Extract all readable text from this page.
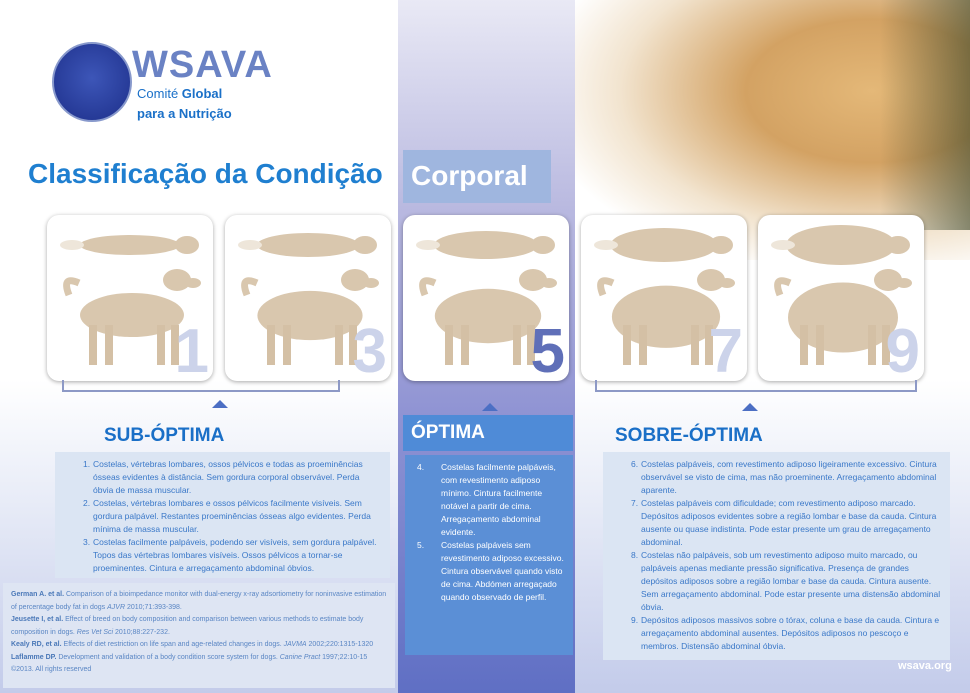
WSAVA
Comité Global
para a Nutrição
Classificação da Condição Corporal
1 3 5 7 9
SUB-ÓPTIMA	ÓPTIMA	SOBRE-ÓPTIMA
1. Costelas, vértebras lombares, ossos pélvicos e todas as proeminências ósseas evidentes à distância. Sem gordura corporal observável. Perda óbvia de massa muscular.
2. Costelas, vértebras lombares e ossos pélvicos facilmente visíveis. Sem gordura palpável. Restantes proeminências ósseas algo evidentes. Perda mínima de massa muscular.
3. Costelas facilmente palpáveis, podendo ser visíveis, sem gordura palpável. Topos das vértebras lombares visíveis. Ossos pélvicos a tornar-se proeminentes. Cintura e arregaçamento abdominal óbvios.
4.	Costelas facilmente palpáveis, com revestimento adiposo mínimo. Cintura facilmente notável a partir de cima. Arregaçamento abdominal evidente.
5.	Costelas palpáveis sem revestimento adiposo excessivo. Cintura observável quando visto de cima. Abdómen arregaçado quando observado de perfil.
6. Costelas palpáveis, com revestimento adiposo ligeiramente excessivo. Cintura observável se visto de cima, mas não proeminente. Arregaçamento abdominal aparente.
7. Costelas palpáveis com dificuldade; com revestimento adiposo marcado. Depósitos adiposos evidentes sobre a região lombar e base da cauda. Cintura ausente ou quase indistinta. Pode estar presente um grau de arregaçamento abdominal.
8. Costelas não palpáveis, sob um revestimento adiposo muito marcado, ou palpáveis apenas mediante pressão significativa. Presença de grandes depósitos adiposos sobre a região lombar e base da cauda. Cintura ausente. Sem arregaçamento abdominal. Pode estar presente uma distensão abdominal óbvia.
9. Depósitos adiposos massivos sobre o tórax, coluna e base da cauda. Cintura e arregaçamento abdominal ausentes. Depósitos adiposos no pescoço e membros. Distensão abdominal óbvia.
German A. et al. Comparison of a bioimpedance monitor with dual-energy x-ray adsortiometry for noninvasive estimation of percentage body fat in dogs AJVR 2010;71:393-398.
Jeusette I, et al. Effect of breed on body composition and comparison between various methods to estimate body composition in dogs. Res Vet Sci 2010;88:227-232.
Kealy RD, et al. Effects of diet restriction on life span and age-related changes in dogs. JAVMA 2002;220:1315-1320
Laflamme DP. Development and validation of a body condition score system for dogs. Canine Pract 1997;22:10-15
©2013. All rights reserved	wsava.org
